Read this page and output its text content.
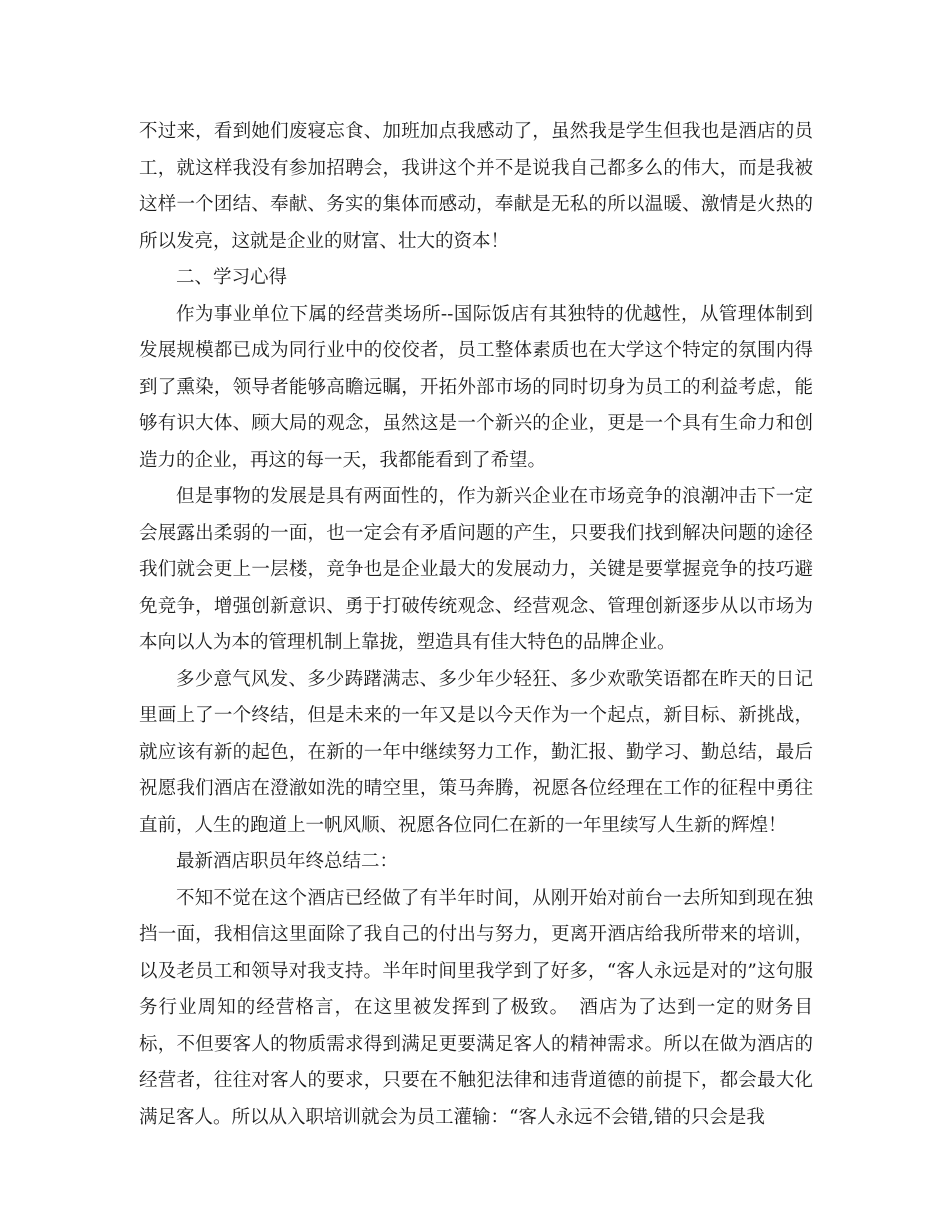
不过来，看到她们废寝忘食、加班加点我感动了，虽然我是学生但我也是酒店的员工，就这样我没有参加招聘会，我讲这个并不是说我自己都多么的伟大，而是我被这样一个团结、奉献、务实的集体而感动，奉献是无私的所以温暖、激情是火热的所以发亮，这就是企业的财富、壮大的资本！

二、学习心得

作为事业单位下属的经营类场所--国际饭店有其独特的优越性，从管理体制到发展规模都已成为同行业中的佼佼者，员工整体素质也在大学这个特定的氛围内得到了熏染，领导者能够高瞻远瞩，开拓外部市场的同时切身为员工的利益考虑，能够有识大体、顾大局的观念，虽然这是一个新兴的企业，更是一个具有生命力和创造力的企业，再这的每一天，我都能看到了希望。

但是事物的发展是具有两面性的，作为新兴企业在市场竞争的浪潮冲击下一定会展露出柔弱的一面，也一定会有矛盾问题的产生，只要我们找到解决问题的途径我们就会更上一层楼，竞争也是企业最大的发展动力，关键是要掌握竞争的技巧避免竞争，增强创新意识、勇于打破传统观念、经营观念、管理创新逐步从以市场为本向以人为本的管理机制上靠拢，塑造具有佳大特色的品牌企业。

多少意气风发、多少踌躇满志、多少年少轻狂、多少欢歌笑语都在昨天的日记里画上了一个终结，但是未来的一年又是以今天作为一个起点，新目标、新挑战，就应该有新的起色，在新的一年中继续努力工作，勤汇报、勤学习、勤总结，最后祝愿我们酒店在澄澈如洗的晴空里，策马奔腾，祝愿各位经理在工作的征程中勇往直前，人生的跑道上一帆风顺、祝愿各位同仁在新的一年里续写人生新的辉煌！

最新酒店职员年终总结二：

不知不觉在这个酒店已经做了有半年时间，从刚开始对前台一去所知到现在独挡一面，我相信这里面除了我自己的付出与努力，更离开酒店给我所带来的培训，以及老员工和领导对我支持。半年时间里我学到了好多，“客人永远是对的”这句服务行业周知的经营格言，在这里被发挥到了极致。　酒店为了达到一定的财务目标，不但要客人的物质需求得到满足更要满足客人的精神需求。所以在做为酒店的经营者，往往对客人的要求，只要在不触犯法律和违背道德的前提下，都会最大化满足客人。所以从入职培训就会为员工灌输：“客人永远不会错,错的只会是我
